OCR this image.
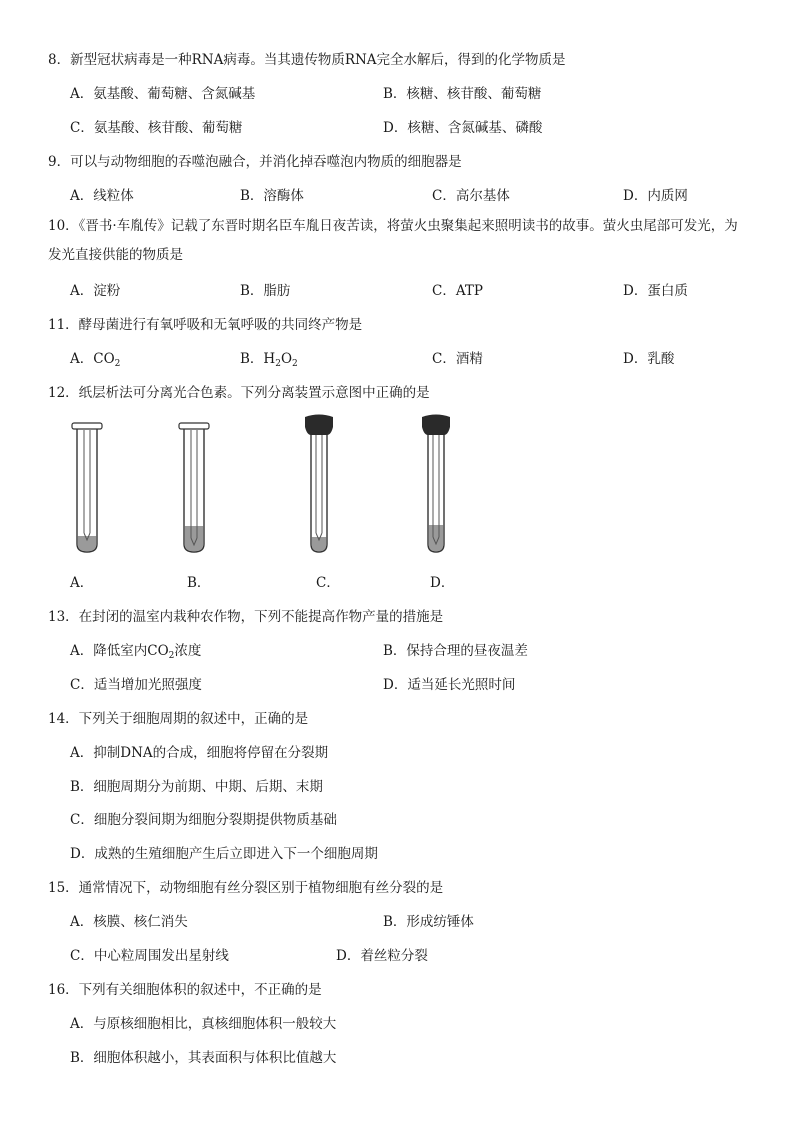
8．新型冠状病毒是一种RNA病毒。当其遗传物质RNA完全水解后，得到的化学物质是
A．氨基酸、葡萄糖、含氮碱基	B．核糖、核苷酸、葡萄糖
C．氨基酸、核苷酸、葡萄糖	D．核糖、含氮碱基、磷酸
9．可以与动物细胞的吞噬泡融合，并消化掉吞噬泡内物质的细胞器是
A．线粒体	B．溶酶体	C．高尔基体	D．内质网
10．《晋书·车胤传》记载了东晋时期名臣车胤日夜苦读，将萤火虫聚集起来照明读书的故事。萤火虫尾部可发光，为发光直接供能的物质是
A．淀粉	B．脂肪	C．ATP	D．蛋白质
11．酵母菌进行有氧呼吸和无氧呼吸的共同终产物是
A．$CO_2$	B．$H_2O_2$	C．酒精	D．乳酸
12．纸层析法可分离光合色素。下列分离装置示意图中正确的是
A．	B．	C．	D．
13．在封闭的温室内栽种农作物，下列不能提高作物产量的措施是
A．降低室内$CO_2$浓度	B．保持合理的昼夜温差
C．适当增加光照强度	D．适当延长光照时间
14．下列关于细胞周期的叙述中，正确的是
A．抑制DNA的合成，细胞将停留在分裂期
B．细胞周期分为前期、中期、后期、末期
C．细胞分裂间期为细胞分裂期提供物质基础
D．成熟的生殖细胞产生后立即进入下一个细胞周期
15．通常情况下，动物细胞有丝分裂区别于植物细胞有丝分裂的是
A．核膜、核仁消失	B．形成纺锤体
C．中心粒周围发出星射线	D．着丝粒分裂
16．下列有关细胞体积的叙述中，不正确的是
A．与原核细胞相比，真核细胞体积一般较大
B．细胞体积越小，其表面积与体积比值越大
